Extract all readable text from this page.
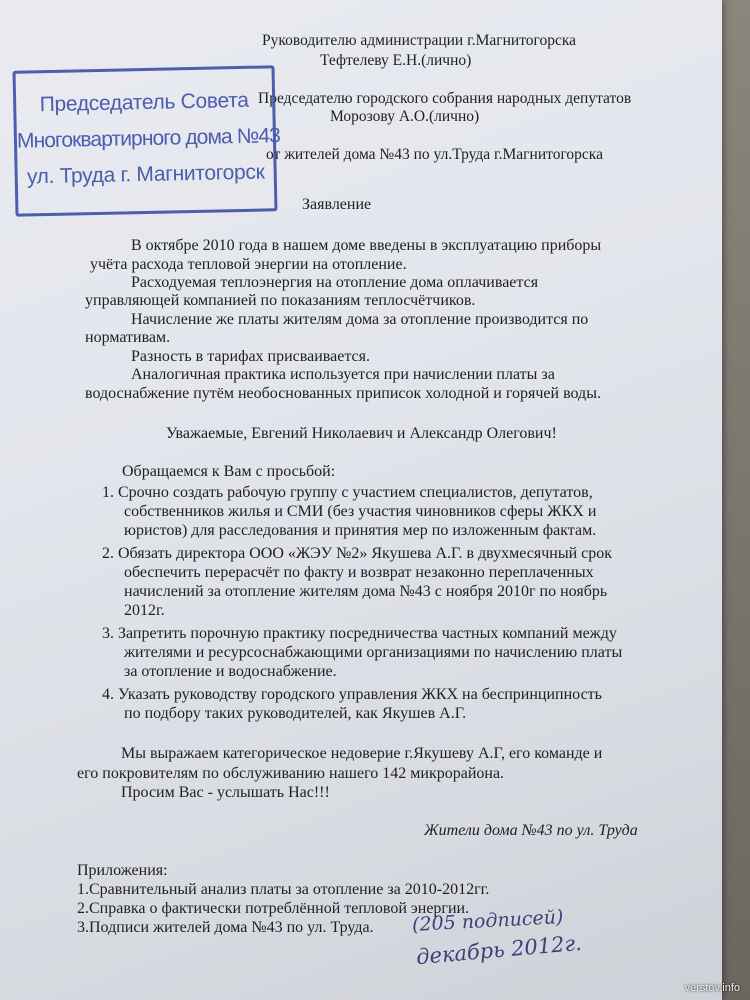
Руководителю администрации г.Магнитогорска
Тефтелеву Е.Н.(лично)
Председателю городского собрания народных депутатов
Морозову А.О.(лично)
от жителей дома №43 по ул.Труда г.Магнитогорска
Председатель Совета
Многоквартирного дома №43
ул. Труда г. Магнитогорск
Заявление
В октябре 2010 года в нашем доме введены в эксплуатацию приборы
учёта расхода тепловой энергии на отопление.
Расходуемая теплоэнергия на отопление дома оплачивается
управляющей компанией по показаниям теплосчётчиков.
Начисление же платы жителям дома за отопление производится по
нормативам.
Разность в тарифах присваивается.
Аналогичная практика используется при начислении платы за
водоснабжение путём необоснованных приписок холодной и горячей воды.
Уважаемые, Евгений Николаевич и Александр Олегович!
Обращаемся к Вам с просьбой:
1. Срочно создать рабочую группу с участием специалистов, депутатов,
собственников жилья и СМИ (без участия чиновников сферы ЖКХ и
юристов) для расследования и принятия мер по изложенным фактам.
2. Обязать директора ООО «ЖЭУ №2» Якушева А.Г. в двухмесячный срок
обеспечить перерасчёт по факту и возврат незаконно переплаченных
начислений за отопление жителям дома №43 с ноября 2010г по ноябрь
2012г.
3. Запретить порочную практику посредничества частных компаний между
жителями и ресурсоснабжающими организациями по начислению платы
за отопление и водоснабжение.
4. Указать руководству городского управления ЖКХ на беспринципность
по подбору таких руководителей, как Якушев А.Г.
Мы выражаем категорическое недоверие г.Якушеву А.Г, его команде и
его покровителям по обслуживанию нашего 142 микрорайона.
Просим Вас - услышать Нас!!!
Жители дома №43 по ул. Труда
Приложения:
1.Сравнительный анализ платы за отопление за 2010-2012гг.
2.Справка о фактически потреблённой тепловой энергии.
3.Подписи жителей дома №43 по ул. Труда. (205 подписей)
декабрь 2012г.
verstov.info
